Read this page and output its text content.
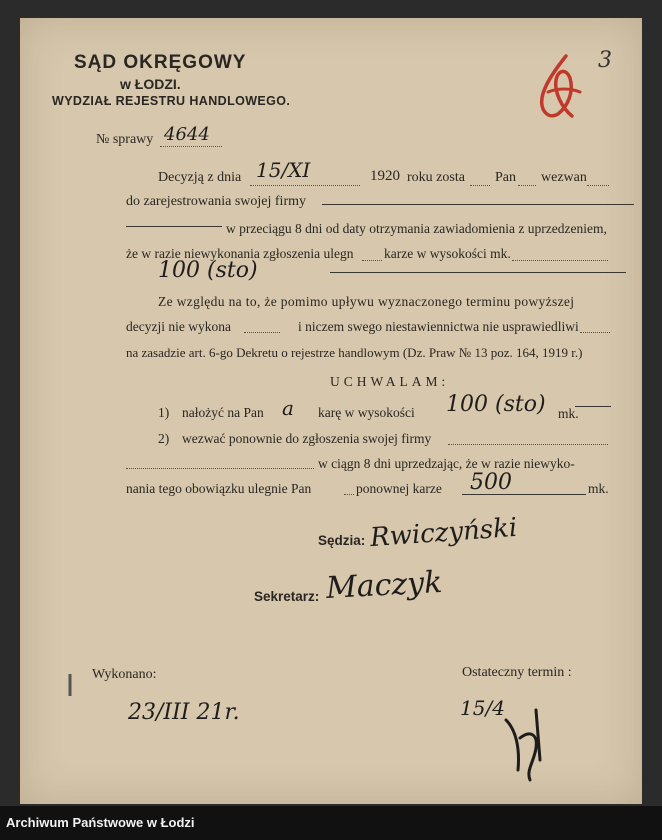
SĄD OKRĘGOWY
w ŁODZI.
WYDZIAŁ REJESTRU HANDLOWEGO.
№ sprawy 4644
3
Decyzją z dnia 15/XI	1920 roku zosta Pan wezwan
do zarejestrowania swojej firmy
w przeciągu 8 dni od daty otrzymania zawiadomienia z uprzedzeniem,
że w razie niewykonania zgłoszenia ulegn karze w wysokości mk.
100 (sto)
Ze względu na to, że pomimo upływu wyznaczonego terminu powyższej
decyzji nie wykona	i niczem swego niestawiennictwa nie usprawiedliwi
na zasadzie art. 6-go Dekretu o rejestrze handlowym (Dz. Praw № 13 poz. 164, 1919 r.)
UCHWALAM:
1) nałożyć na Pan a karę w wysokości 100 (sto) mk.
2) wezwać ponownie do zgłoszenia swojej firmy
w ciągn 8 dni uprzedzając, że w razie niewyko-
nania tego obowiązku ulegnie Pan	ponownej karze 500	mk.
Sędzia: Rwiczyński
Sekretarz: Maczyk
Wykonano:
23/III 21r.
Ostateczny termin :
15/4
Archiwum Państwowe w Łodzi
